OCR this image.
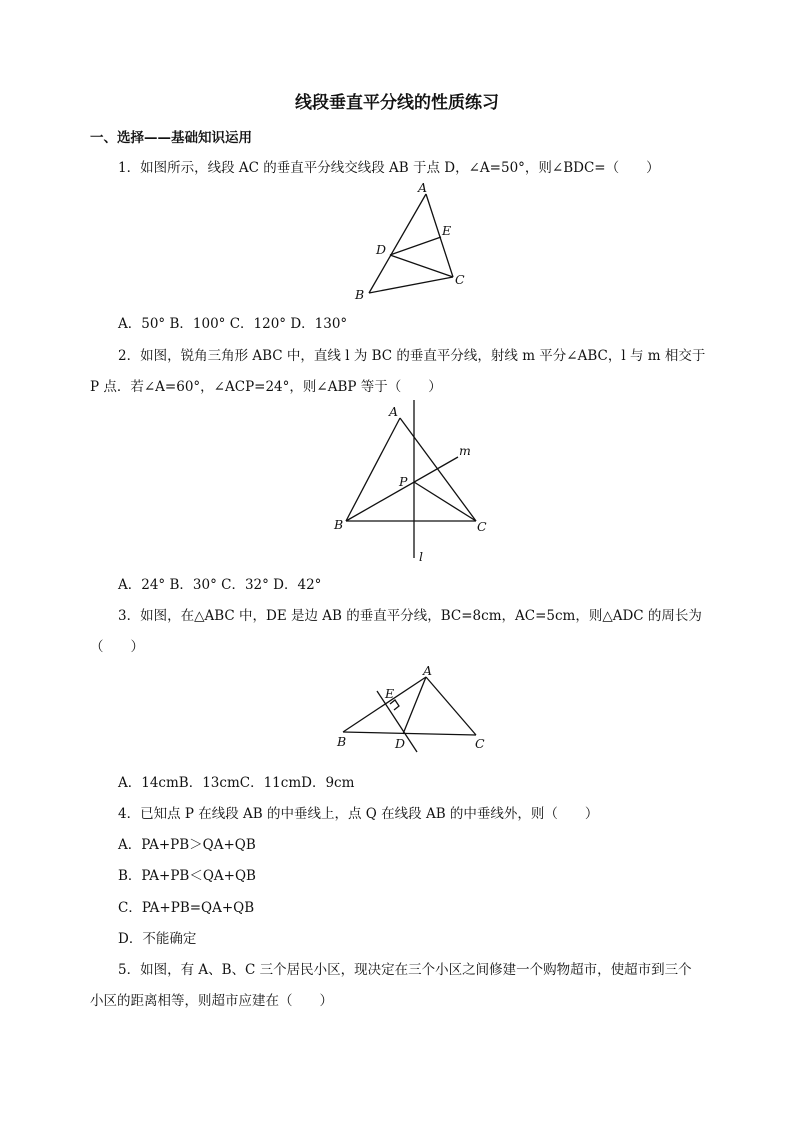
线段垂直平分线的性质练习
一、选择——基础知识运用
1．如图所示，线段 AC 的垂直平分线交线段 AB 于点 D，∠A=50°，则∠BDC=（　　）
A
B
C
D
E
A．50° B．100° C．120° D．130°
2．如图，锐角三角形 ABC 中，直线 l 为 BC 的垂直平分线，射线 m 平分∠ABC，l 与 m 相交于
P 点．若∠A=60°，∠ACP=24°，则∠ABP 等于（　　）
A
B	C
P
m
l
A．24° B．30° C．32° D．42°
3．如图，在△ABC 中，DE 是边 AB 的垂直平分线，BC=8cm，AC=5cm，则△ADC 的周长为
（　　）
A
B	C
D
E
A．14cmB．13cmC．11cmD．9cm
4．已知点 P 在线段 AB 的中垂线上，点 Q 在线段 AB 的中垂线外，则（　　）
A．PA+PB＞QA+QB
B．PA+PB＜QA+QB
C．PA+PB=QA+QB
D．不能确定
5．如图，有 A、B、C 三个居民小区，现决定在三个小区之间修建一个购物超市，使超市到三个
小区的距离相等，则超市应建在（　　）
